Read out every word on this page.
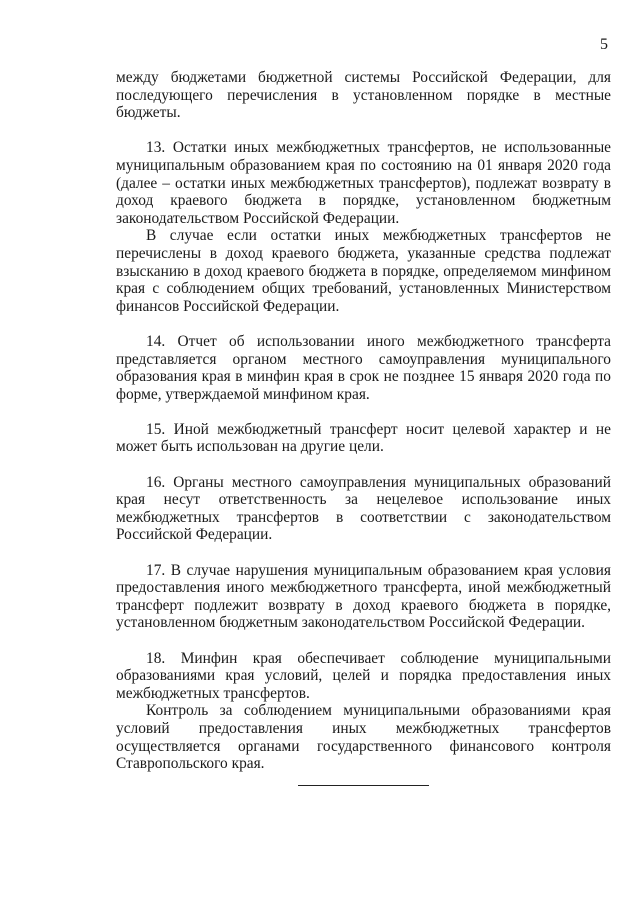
5

между бюджетами бюджетной системы Российской Федерации, для последующего перечисления в установленном порядке в местные бюджеты.

13. Остатки иных межбюджетных трансфертов, не использованные муниципальным образованием края по состоянию на 01 января 2020 года (далее – остатки иных межбюджетных трансфертов), подлежат возврату в доход краевого бюджета в порядке, установленном бюджетным законодательством Российской Федерации.

В случае если остатки иных межбюджетных трансфертов не перечислены в доход краевого бюджета, указанные средства подлежат взысканию в доход краевого бюджета в порядке, определяемом минфином края с соблюдением общих требований, установленных Министерством финансов Российской Федерации.

14. Отчет об использовании иного межбюджетного трансферта представляется органом местного самоуправления муниципального образования края в минфин края в срок не позднее 15 января 2020 года по форме, утверждаемой минфином края.

15. Иной межбюджетный трансферт носит целевой характер и не может быть использован на другие цели.

16. Органы местного самоуправления муниципальных образований края несут ответственность за нецелевое использование иных межбюджетных трансфертов в соответствии с законодательством Российской Федерации.

17. В случае нарушения муниципальным образованием края условия предоставления иного межбюджетного трансферта, иной межбюджетный трансферт подлежит возврату в доход краевого бюджета в порядке, установленном бюджетным законодательством Российской Федерации.

18. Минфин края обеспечивает соблюдение муниципальными образованиями края условий, целей и порядка предоставления иных межбюджетных трансфертов.

Контроль за соблюдением муниципальными образованиями края условий предоставления иных межбюджетных трансфертов осуществляется органами государственного финансового контроля Ставропольского края.
